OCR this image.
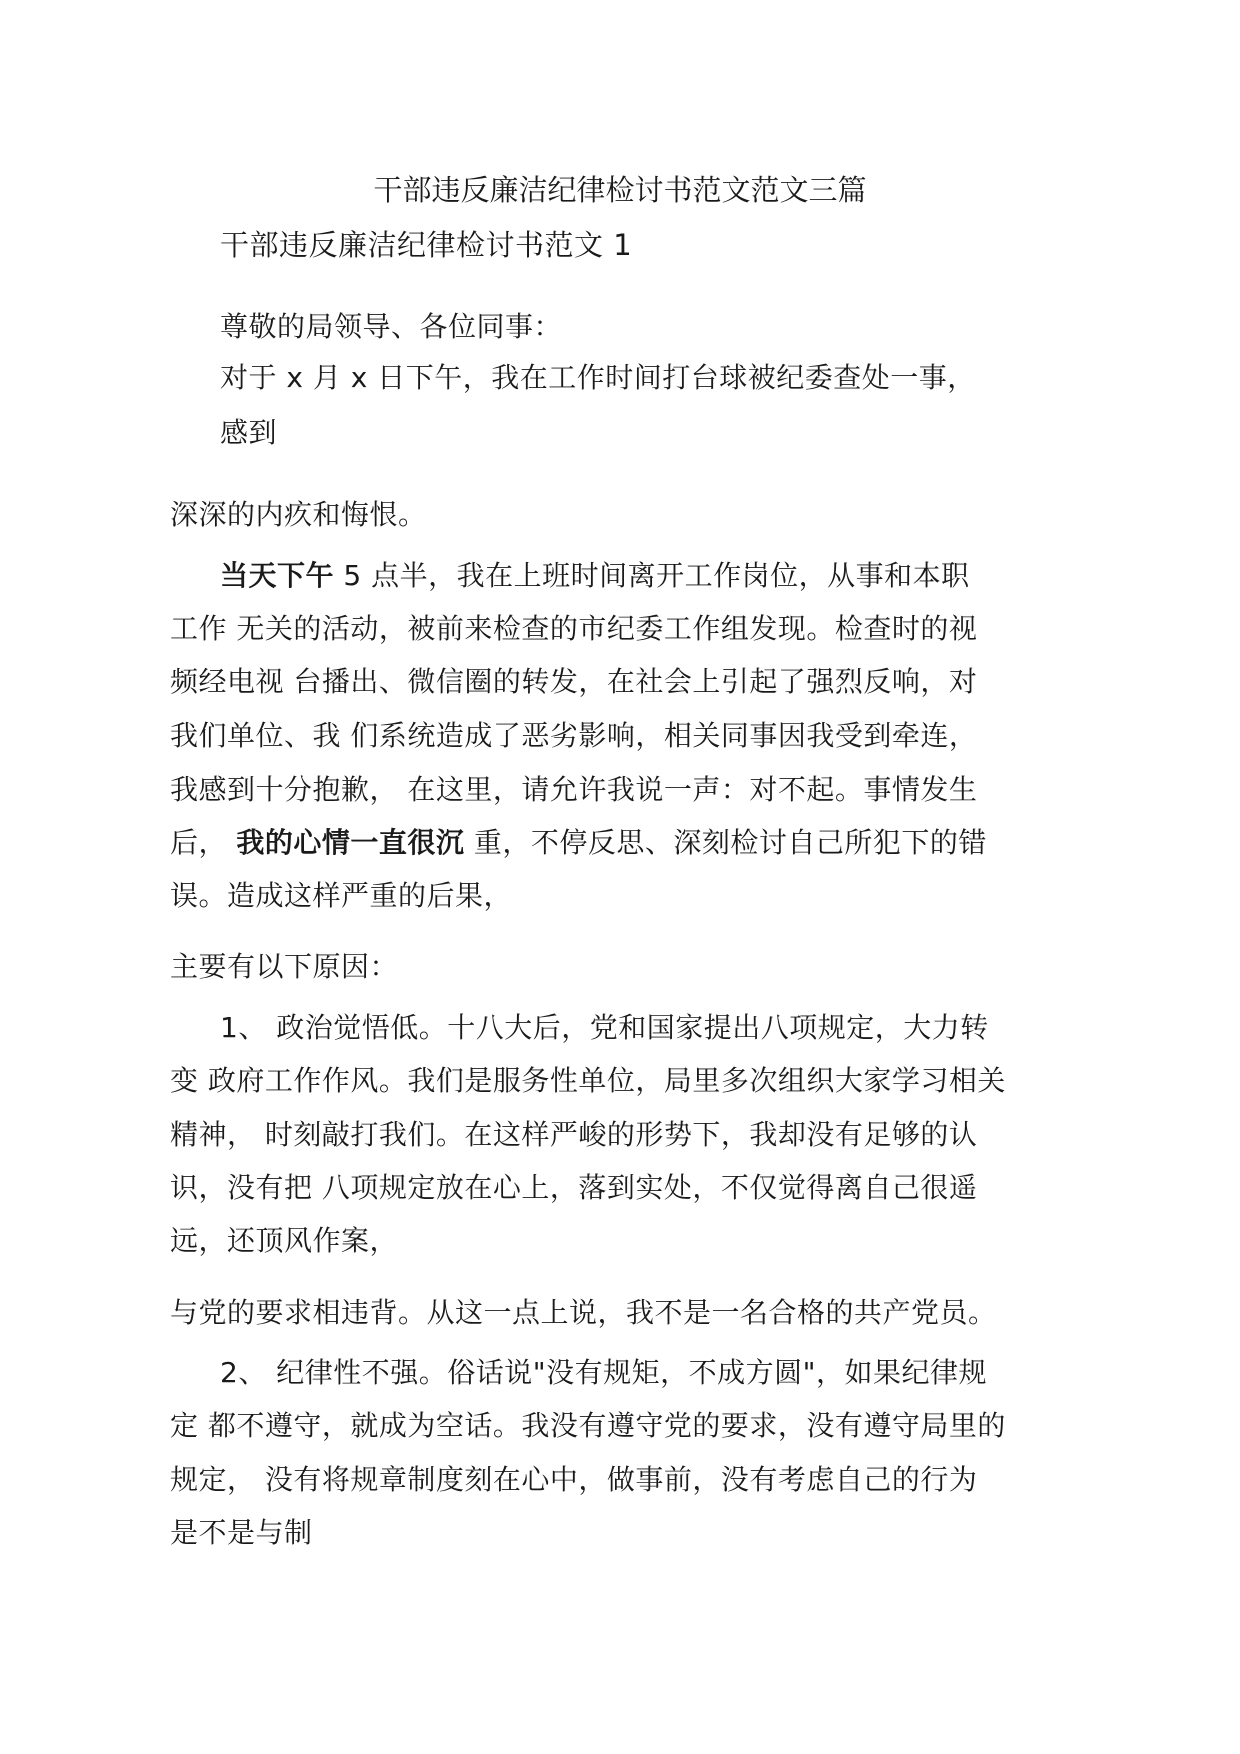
干部违反廉洁纪律检讨书范文范文三篇
干部违反廉洁纪律检讨书范文 1
尊敬的局领导、各位同事：
对于 x 月 x 日下午，我在工作时间打台球被纪委查处一事，
感到
深深的内疚和悔恨。
当天下午 5 点半，我在上班时间离开工作岗位，从事和本职
工作 无关的活动，被前来检查的市纪委工作组发现。检查时的视
频经电视 台播出、微信圈的转发，在社会上引起了强烈反响，对
我们单位、我 们系统造成了恶劣影响，相关同事因我受到牵连，
我感到十分抱歉， 在这里，请允许我说一声：对不起。事情发生
后， 我的心情一直很沉 重，不停反思、深刻检讨自己所犯下的错
误。造成这样严重的后果，
主要有以下原因：
1、 政治觉悟低。十八大后，党和国家提出八项规定，大力转
变 政府工作作风。我们是服务性单位，局里多次组织大家学习相关
精神， 时刻敲打我们。在这样严峻的形势下，我却没有足够的认
识，没有把 八项规定放在心上，落到实处，不仅觉得离自己很遥
远，还顶风作案，
与党的要求相违背。从这一点上说，我不是一名合格的共产党员。
2、 纪律性不强。俗话说"没有规矩，不成方圆"，如果纪律规
定 都不遵守，就成为空话。我没有遵守党的要求，没有遵守局里的
规定， 没有将规章制度刻在心中，做事前，没有考虑自己的行为
是不是与制
